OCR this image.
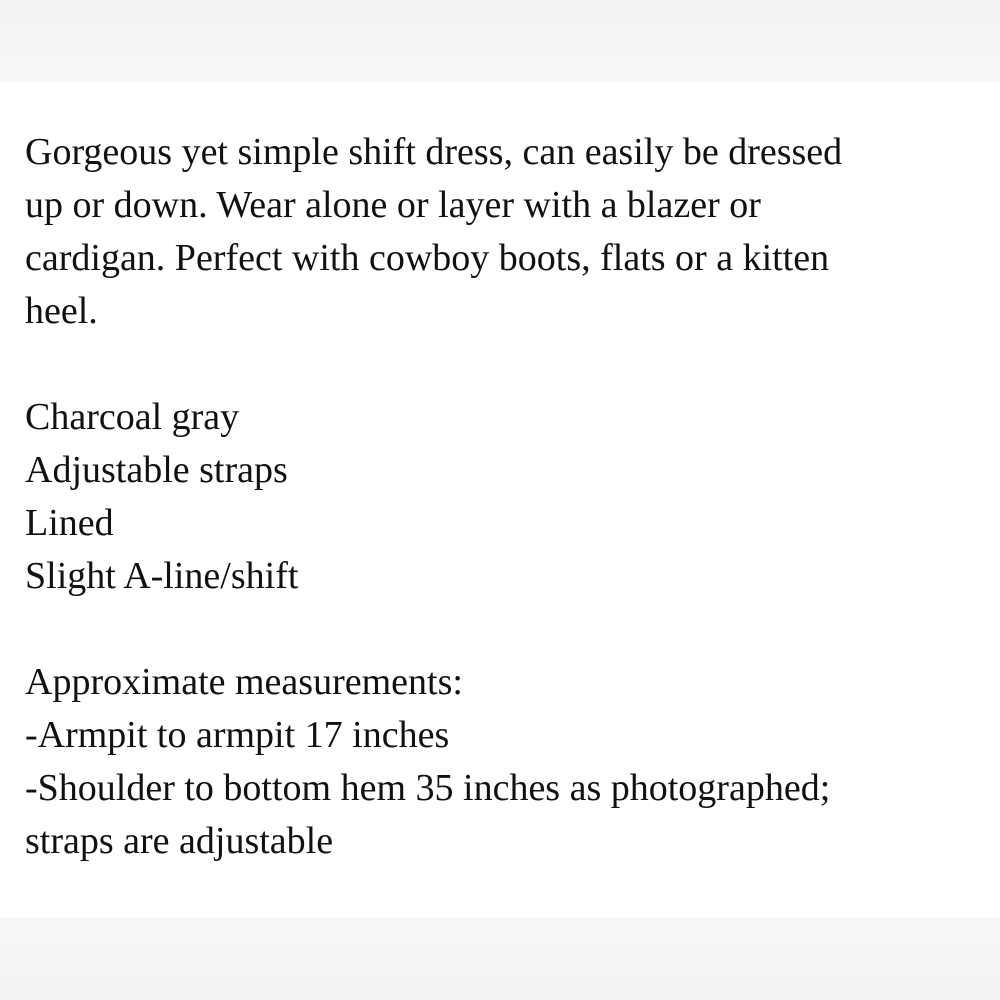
Gorgeous yet simple shift dress, can easily be dressed
up or down. Wear alone or layer with a blazer or
cardigan. Perfect with cowboy boots, flats or a kitten
heel.
Charcoal gray
Adjustable straps
Lined
Slight A-line/shift
Approximate measurements:
-Armpit to armpit 17 inches
-Shoulder to bottom hem 35 inches as photographed;
straps are adjustable
